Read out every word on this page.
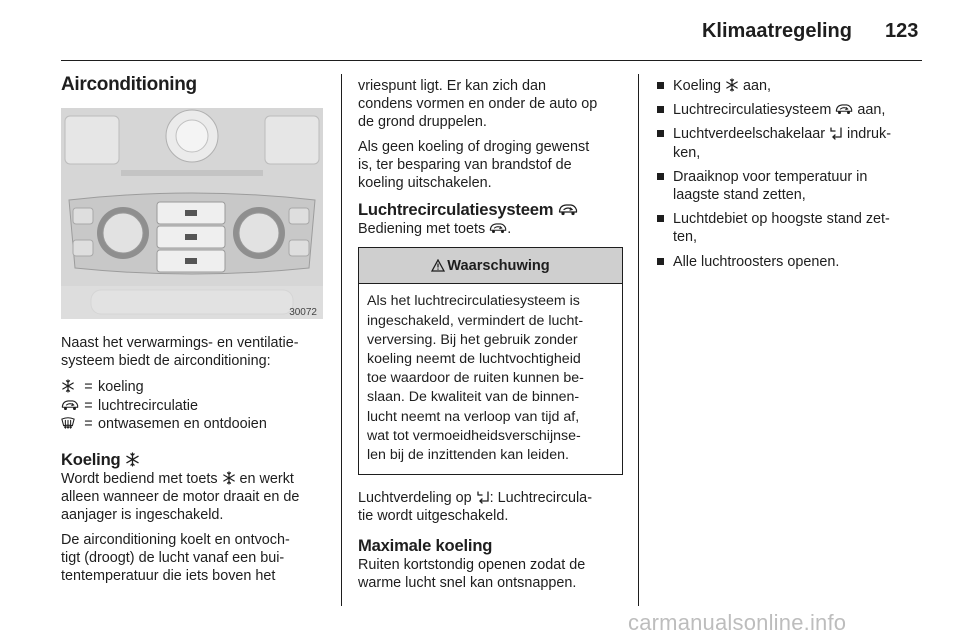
Klimaatregeling 123
Airconditioning
30072

Naast het verwarmings- en ventilatie-
systeem biedt de airconditioning:

= koeling
= luchtrecirculatie
= ontwasemen en ontdooien
Koeling

Wordt bediend met toets en werkt
alleen wanneer de motor draait en de
aanjager is ingeschakeld.

De airconditioning koelt en ontvoch-
tigt (droogt) de lucht vanaf een bui-
tentemperatuur die iets boven het

vriespunt ligt. Er kan zich dan
condens vormen en onder de auto op
de grond druppelen.

Als geen koeling of droging gewenst
is, ter besparing van brandstof de
koeling uitschakelen.

Luchtrecirculatiesysteem

Bediening met toets .

Waarschuwing
Als het luchtrecirculatiesysteem is
ingeschakeld, vermindert de lucht-
verversing. Bij het gebruik zonder
koeling neemt de luchtvochtigheid
toe waardoor de ruiten kunnen be-
slaan. De kwaliteit van de binnen-
lucht neemt na verloop van tijd af,
wat tot vermoeidheidsverschijnse-
len bij de inzittenden kan leiden.

Luchtverdeling op : Luchtrecircula-
tie wordt uitgeschakeld.

Maximale koeling

Ruiten kortstondig openen zodat de
warme lucht snel kan ontsnappen.

Koeling aan,
Luchtrecirculatiesysteem aan,
Luchtverdeelschakelaar indruk-
ken,
Draaiknop voor temperatuur in
laagste stand zetten,
Luchtdebiet op hoogste stand zet-
ten,
Alle luchtroosters openen.
carmanualsonline.info
